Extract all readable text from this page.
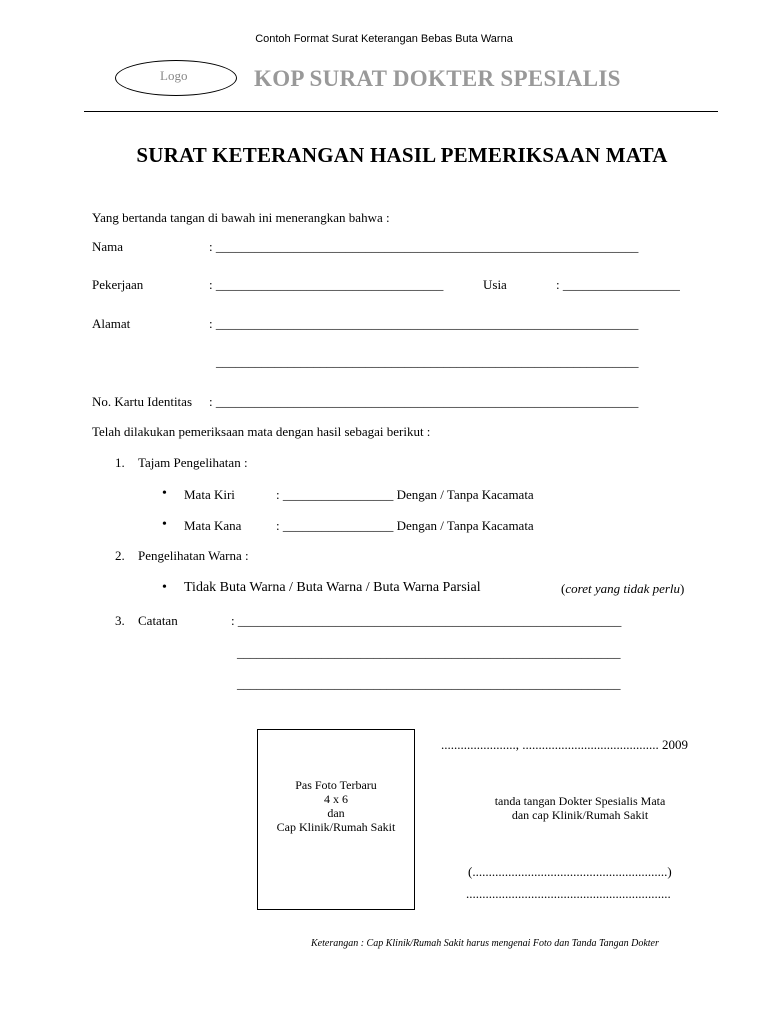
Contoh Format Surat Keterangan Bebas Buta Warna
Logo	KOP SURAT DOKTER SPESIALIS
SURAT KETERANGAN HASIL PEMERIKSAAN MATA
Yang bertanda tangan di bawah ini menerangkan bahwa :
Nama	: _________________________________________________________________
Pekerjaan	: ___________________________________	Usia	: __________________
Alamat	: _________________________________________________________________
_________________________________________________________________
No. Kartu Identitas : _________________________________________________________________
Telah dilakukan pemeriksaan mata dengan hasil sebagai berikut :
1. Tajam Pengelihatan :
• Mata Kiri	: _________________ Dengan / Tanpa Kacamata
• Mata Kana	: _________________ Dengan / Tanpa Kacamata
2. Pengelihatan Warna :
• Tidak Buta Warna / Buta Warna / Buta Warna Parsial	(coret yang tidak perlu)
3. Catatan	: ___________________________________________________________
___________________________________________________________
___________________________________________________________
Pas Foto Terbaru
4 x 6
dan
Cap Klinik/Rumah Sakit
......................., .......................................... 2009
tanda tangan Dokter Spesialis Mata
dan cap Klinik/Rumah Sakit
(............................................................)
...............................................................
Keterangan : Cap Klinik/Rumah Sakit harus mengenai Foto dan Tanda Tangan Dokter
